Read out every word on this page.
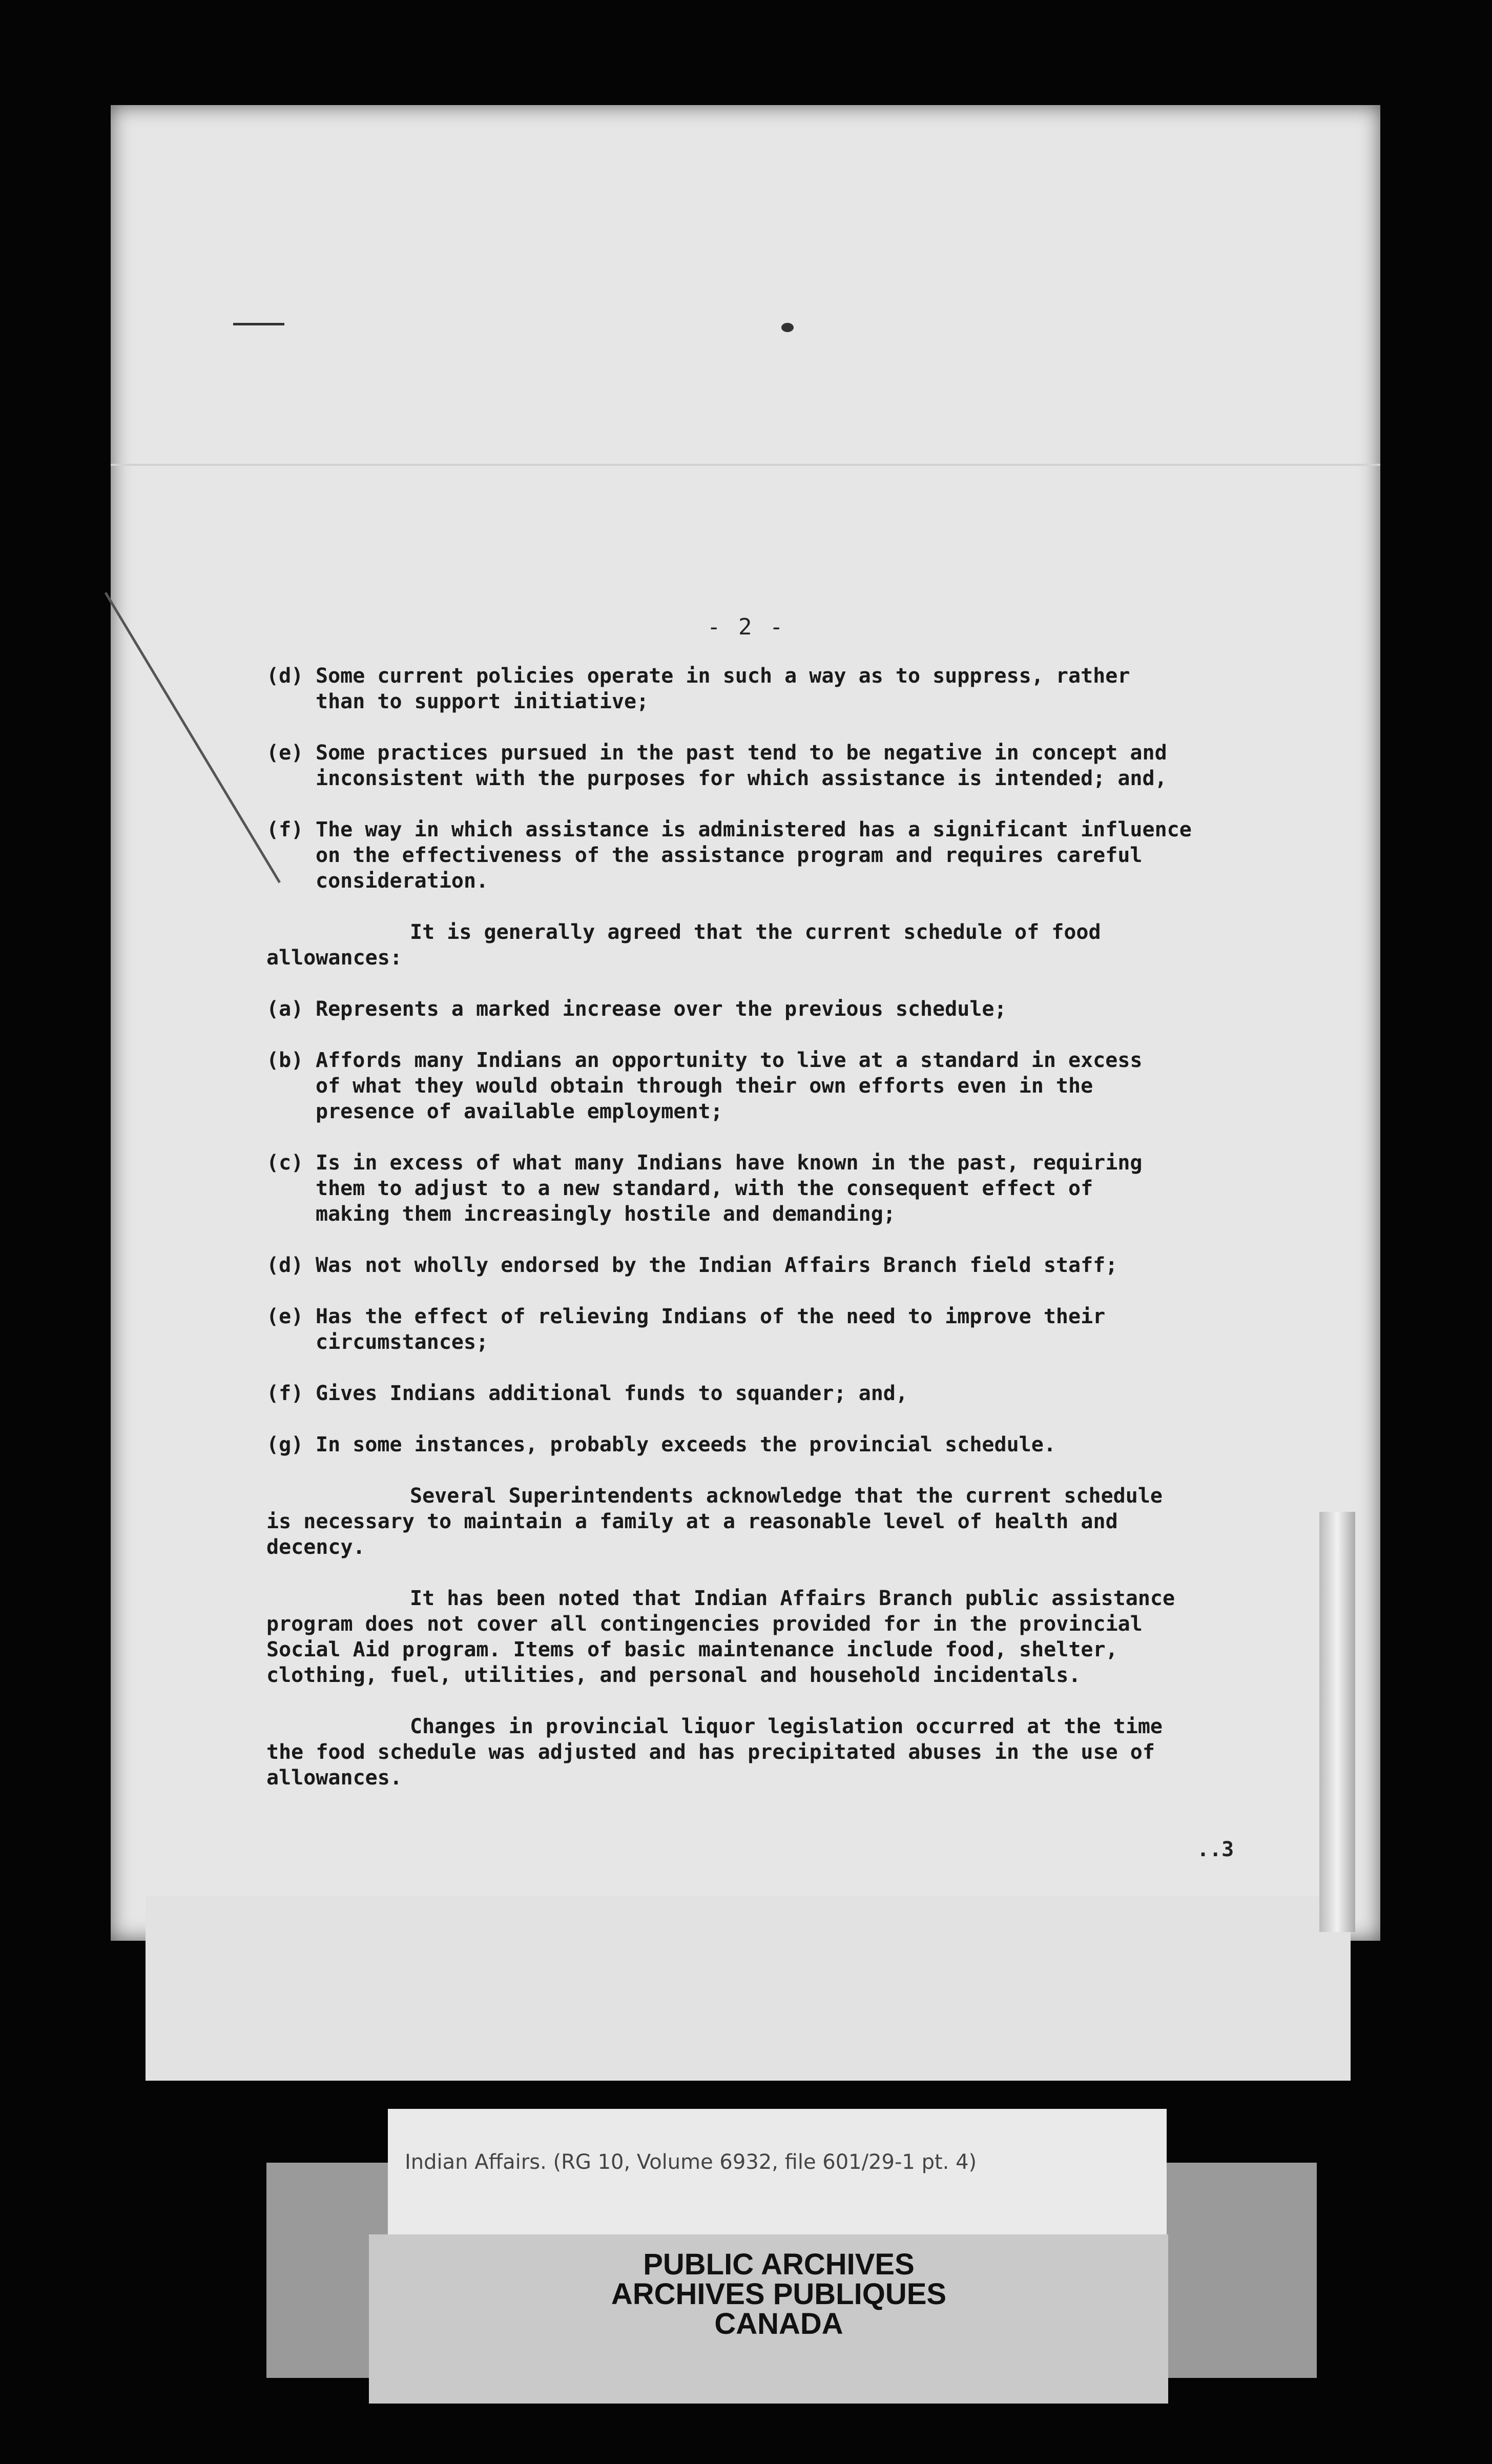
- 2 -
(d) Some current policies operate in such a way as to suppress, rather
than to support initiative;
(e) Some practices pursued in the past tend to be negative in concept and
inconsistent with the purposes for which assistance is intended; and,
(f) The way in which assistance is administered has a significant influence
on the effectiveness of the assistance program and requires careful
consideration.
It is generally agreed that the current schedule of food
allowances:
(a) Represents a marked increase over the previous schedule;
(b) Affords many Indians an opportunity to live at a standard in excess
of what they would obtain through their own efforts even in the
presence of available employment;
(c) Is in excess of what many Indians have known in the past, requiring
them to adjust to a new standard, with the consequent effect of
making them increasingly hostile and demanding;
(d) Was not wholly endorsed by the Indian Affairs Branch field staff;
(e) Has the effect of relieving Indians of the need to improve their
circumstances;
(f) Gives Indians additional funds to squander; and,
(g) In some instances, probably exceeds the provincial schedule.
Several Superintendents acknowledge that the current schedule
is necessary to maintain a family at a reasonable level of health and
decency.
It has been noted that Indian Affairs Branch public assistance
program does not cover all contingencies provided for in the provincial
Social Aid program. Items of basic maintenance include food, shelter,
clothing, fuel, utilities, and personal and household incidentals.
Changes in provincial liquor legislation occurred at the time
the food schedule was adjusted and has precipitated abuses in the use of
allowances.
..3
Indian Affairs. (RG 10, Volume 6932, file 601/29-1 pt. 4)
PUBLIC ARCHIVES
ARCHIVES PUBLIQUES
CANADA
